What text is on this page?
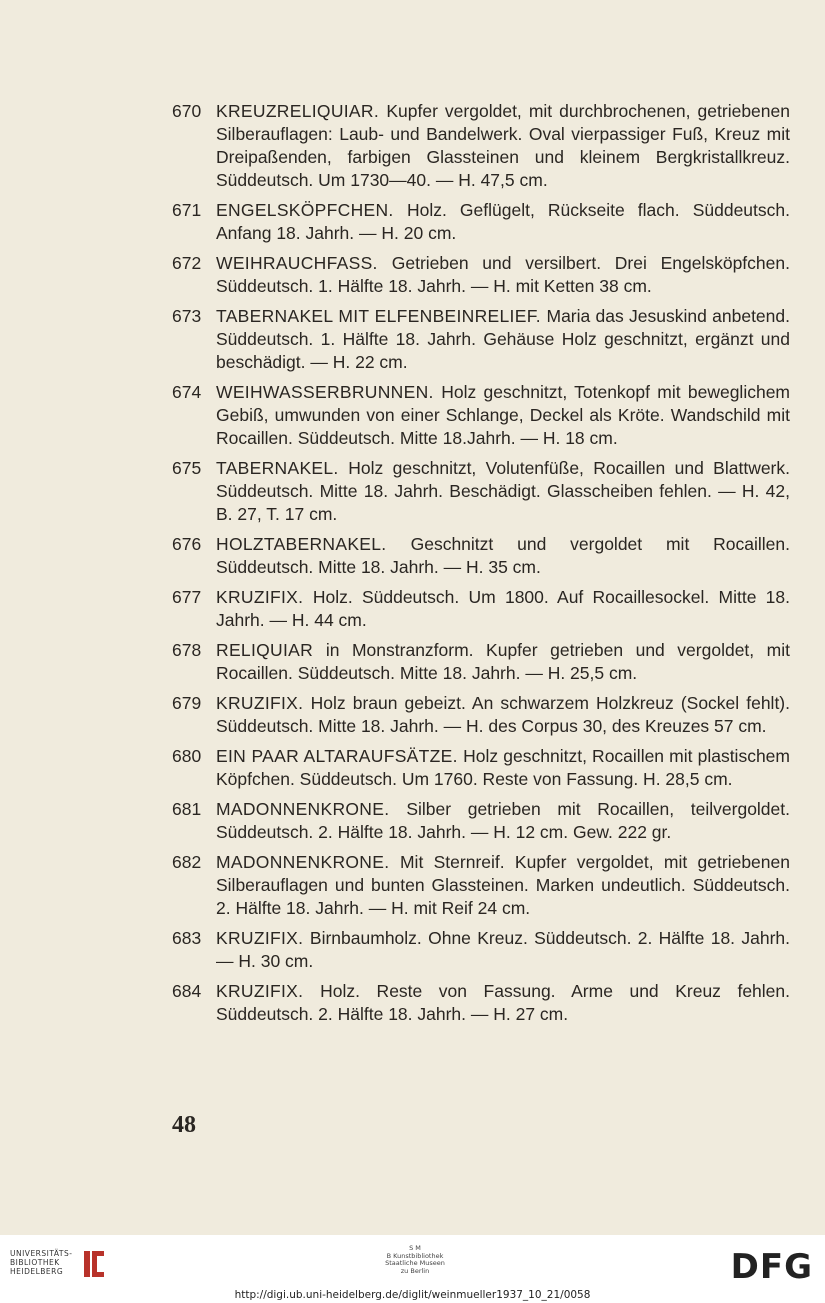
670 KREUZRELIQUIAR. Kupfer vergoldet, mit durchbrochenen, getriebenen Silberauflagen: Laub- und Bandelwerk. Oval vierpassiger Fuß, Kreuz mit Dreipaßenden, farbigen Glassteinen und kleinem Bergkristallkreuz. Süddeutsch. Um 1730—40. — H. 47,5 cm.
671 ENGELSKÖPFCHEN. Holz. Geflügelt, Rückseite flach. Süddeutsch. Anfang 18. Jahrh. — H. 20 cm.
672 WEIHRAUCHFASS. Getrieben und versilbert. Drei Engelsköpfchen. Süddeutsch. 1. Hälfte 18. Jahrh. — H. mit Ketten 38 cm.
673 TABERNAKEL MIT ELFENBEINRELIEF. Maria das Jesuskind anbetend. Süddeutsch. 1. Hälfte 18. Jahrh. Gehäuse Holz geschnitzt, ergänzt und beschädigt. — H. 22 cm.
674 WEIHWASSERBRUNNEN. Holz geschnitzt, Totenkopf mit beweglichem Gebiß, umwunden von einer Schlange, Deckel als Kröte. Wandschild mit Rocaillen. Süddeutsch. Mitte 18.Jahrh. — H. 18 cm.
675 TABERNAKEL. Holz geschnitzt, Volutenfüße, Rocaillen und Blattwerk. Süddeutsch. Mitte 18. Jahrh. Beschädigt. Glasscheiben fehlen. — H. 42, B. 27, T. 17 cm.
676 HOLZTABERNAKEL. Geschnitzt und vergoldet mit Rocaillen. Süddeutsch. Mitte 18. Jahrh. — H. 35 cm.
677 KRUZIFIX. Holz. Süddeutsch. Um 1800. Auf Rocaillesockel. Mitte 18. Jahrh. — H. 44 cm.
678 RELIQUIAR in Monstranzform. Kupfer getrieben und vergoldet, mit Rocaillen. Süddeutsch. Mitte 18. Jahrh. — H. 25,5 cm.
679 KRUZIFIX. Holz braun gebeizt. An schwarzem Holzkreuz (Sockel fehlt). Süddeutsch. Mitte 18. Jahrh. — H. des Corpus 30, des Kreuzes 57 cm.
680 EIN PAAR ALTARAUFSÄTZE. Holz geschnitzt, Rocaillen mit plastischem Köpfchen. Süddeutsch. Um 1760. Reste von Fassung. H. 28,5 cm.
681 MADONNENKRONE. Silber getrieben mit Rocaillen, teilvergoldet. Süddeutsch. 2. Hälfte 18. Jahrh. — H. 12 cm. Gew. 222 gr.
682 MADONNENKRONE. Mit Sternreif. Kupfer vergoldet, mit getriebenen Silberauflagen und bunten Glassteinen. Marken undeutlich. Süddeutsch. 2. Hälfte 18. Jahrh. — H. mit Reif 24 cm.
683 KRUZIFIX. Birnbaumholz. Ohne Kreuz. Süddeutsch. 2. Hälfte 18. Jahrh. — H. 30 cm.
684 KRUZIFIX. Holz. Reste von Fassung. Arme und Kreuz fehlen. Süddeutsch. 2. Hälfte 18. Jahrh. — H. 27 cm.
48
UNIVERSITÄTS-
BIBLIOTHEK
HEIDELBERG
S M
B Kunstbibliothek
Staatliche Museen
zu Berlin	DFG
http://digi.ub.uni-heidelberg.de/diglit/weinmueller1937_10_21/0058
